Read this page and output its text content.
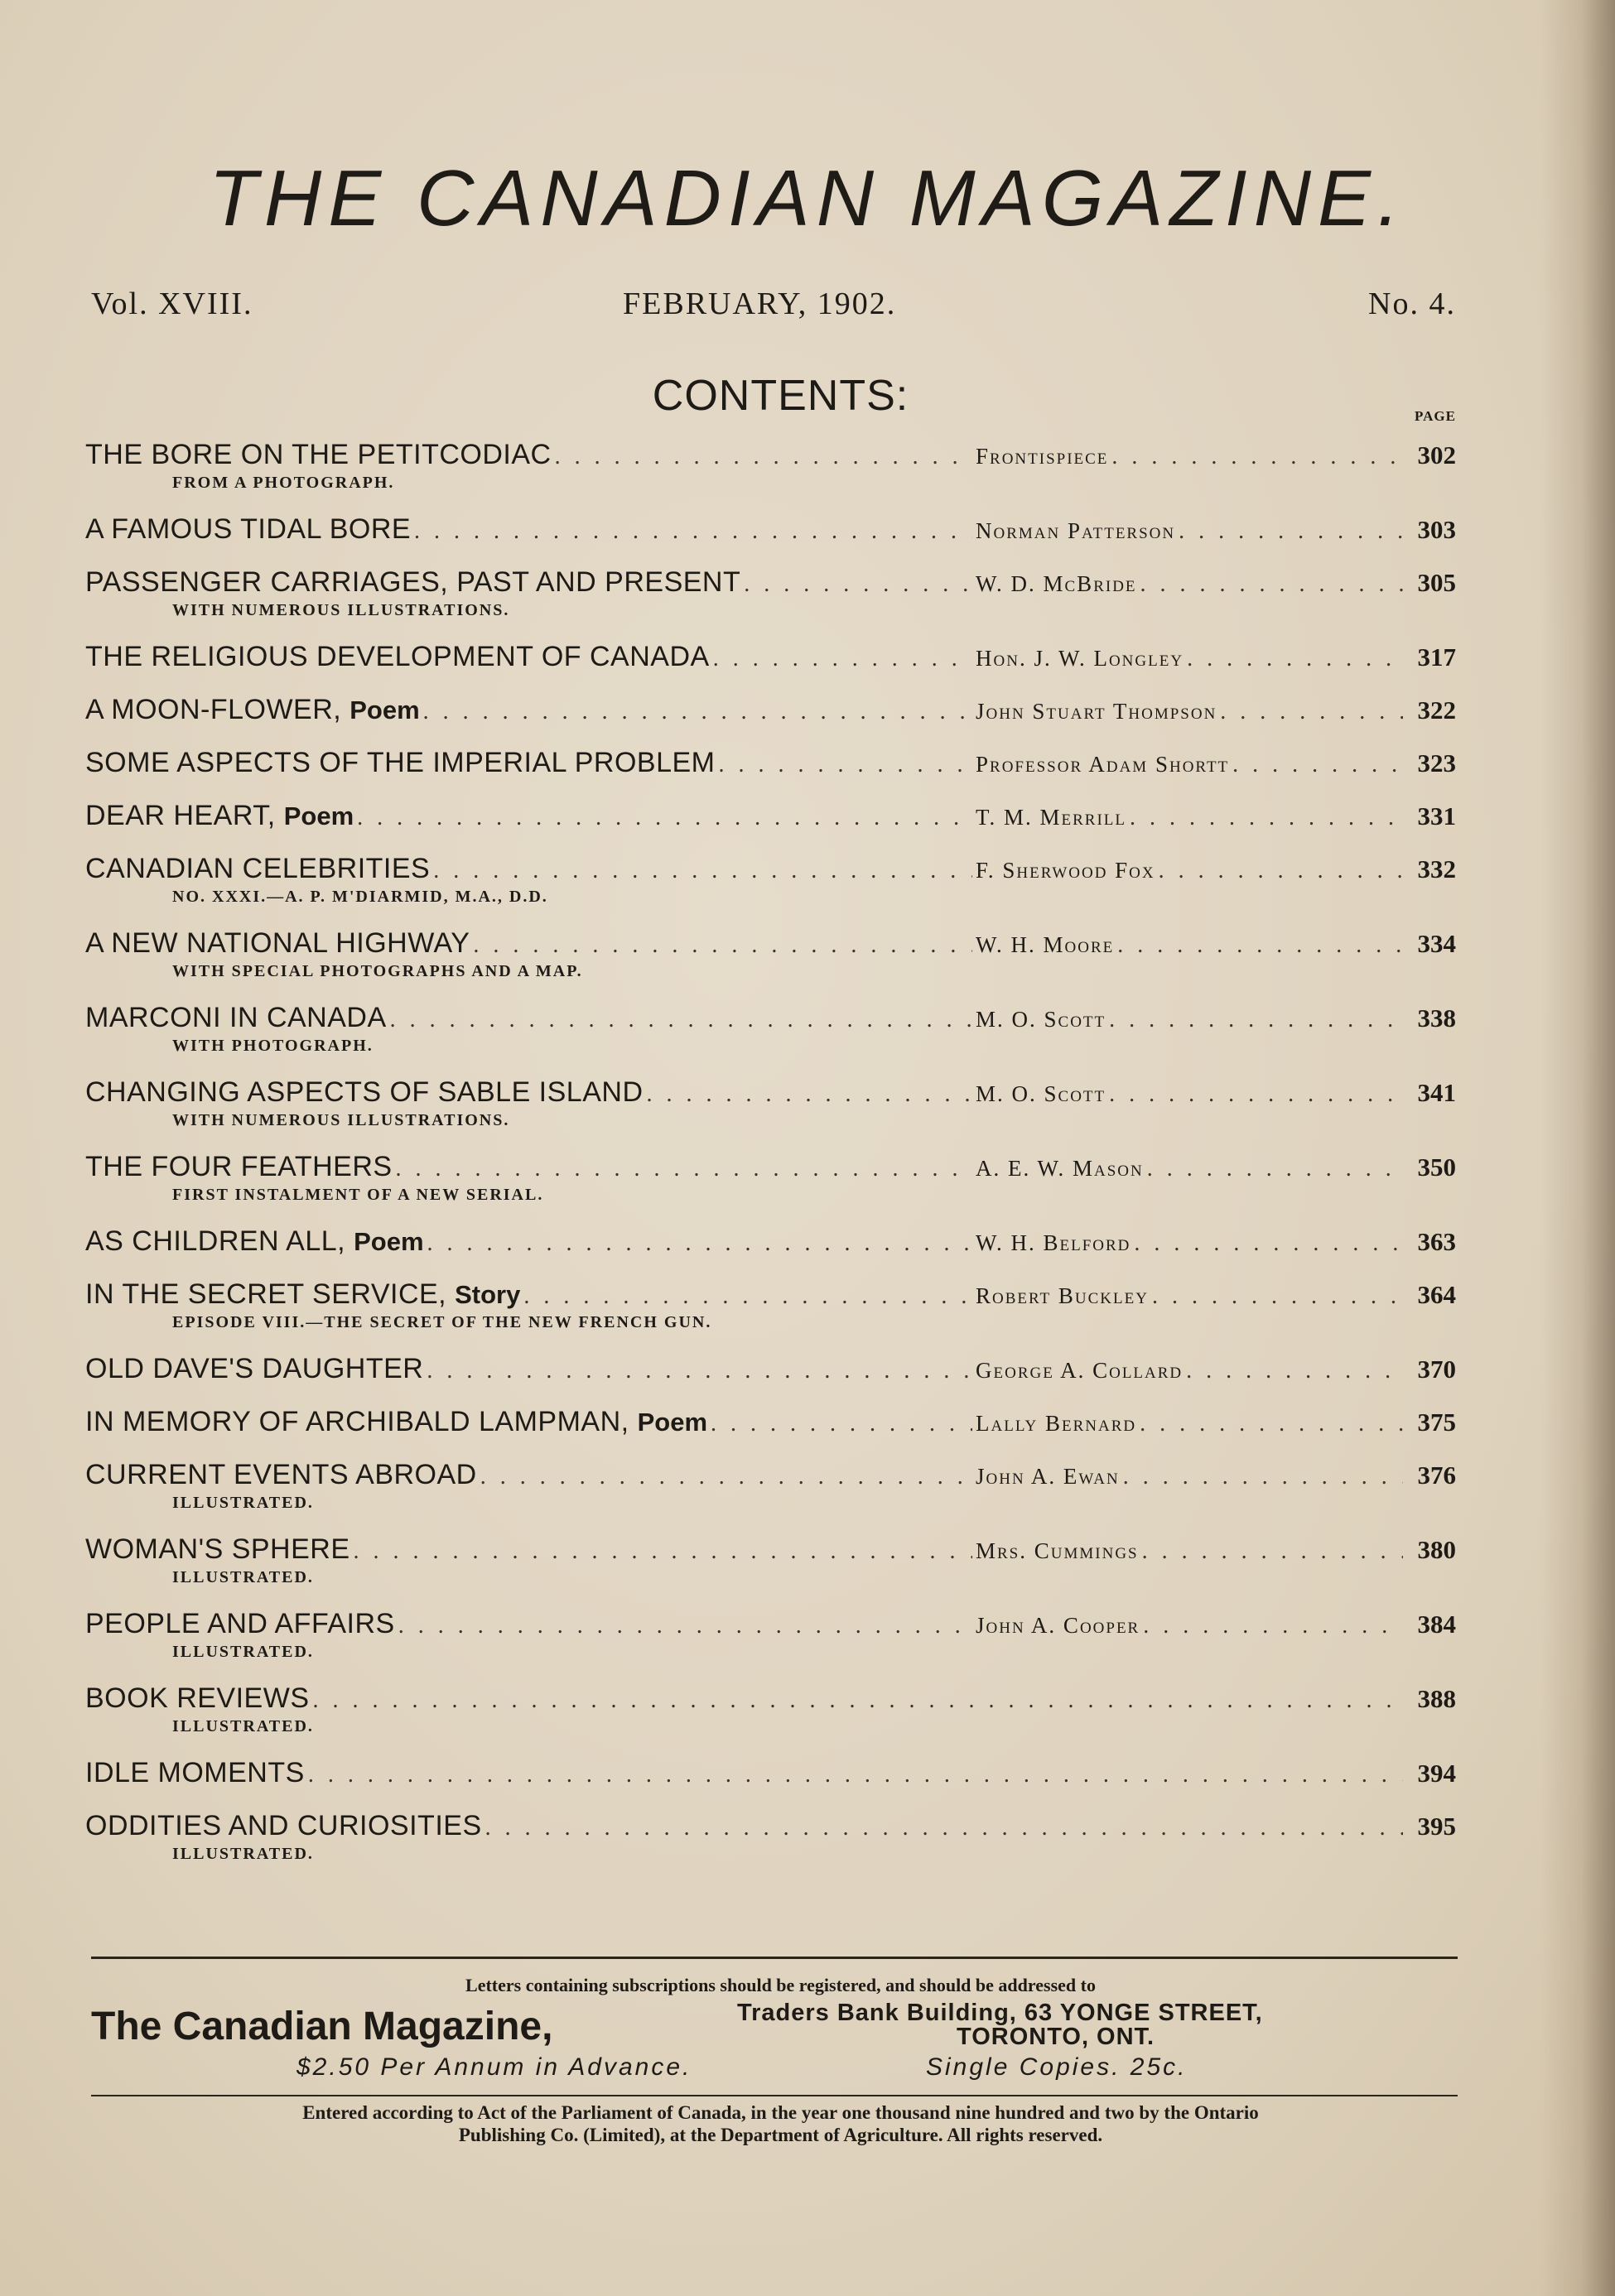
THE CANADIAN MAGAZINE.
Vol. XVIII.	FEBRUARY, 1902.	No. 4.
CONTENTS:	PAGE
THE BORE ON THE PETITCODIAC . . .	Frontispiece . . .	302
FROM A PHOTOGRAPH.
A FAMOUS TIDAL BORE . . .	Norman Patterson . . .	303
PASSENGER CARRIAGES, PAST AND PRESENT . . .	W. D. McBride . . .	305
WITH NUMEROUS ILLUSTRATIONS.
THE RELIGIOUS DEVELOPMENT OF CANADA . . .	Hon. J. W. Longley . . .	317
A MOON-FLOWER, Poem . . .	John Stuart Thompson . . .	322
SOME ASPECTS OF THE IMPERIAL PROBLEM . . .	Professor Adam Shortt . . .	323
DEAR HEART, Poem . . .	T. M. Merrill . . .	331
CANADIAN CELEBRITIES . . .	F. Sherwood Fox . . .	332
NO. XXXI.—A. P. M'DIARMID, M.A., D.D.
A NEW NATIONAL HIGHWAY . . .	W. H. Moore . . .	334
WITH SPECIAL PHOTOGRAPHS AND A MAP.
MARCONI IN CANADA . . .	M. O. Scott . . .	338
WITH PHOTOGRAPH.
CHANGING ASPECTS OF SABLE ISLAND . . .	M. O. Scott . . .	341
WITH NUMEROUS ILLUSTRATIONS.
THE FOUR FEATHERS . . .	A. E. W. Mason . . .	350
FIRST INSTALMENT OF A NEW SERIAL.
AS CHILDREN ALL, Poem . . .	W. H. Belford . . .	363
IN THE SECRET SERVICE, Story . . .	Robert Buckley . . .	364
EPISODE VIII.—THE SECRET OF THE NEW FRENCH GUN.
OLD DAVE'S DAUGHTER . . .	George A. Collard . . .	370
IN MEMORY OF ARCHIBALD LAMPMAN, Poem . . .	Lally Bernard . . .	375
CURRENT EVENTS ABROAD . . .	John A. Ewan . . .	376
ILLUSTRATED.
WOMAN'S SPHERE . . .	Mrs. Cummings . . .	380
ILLUSTRATED.
PEOPLE AND AFFAIRS . . .	John A. Cooper . . .	384
ILLUSTRATED.
BOOK REVIEWS . . .	388
ILLUSTRATED.
IDLE MOMENTS . . .	394
ODDITIES AND CURIOSITIES . . .	395
ILLUSTRATED.
Letters containing subscriptions should be registered, and should be addressed to
The Canadian Magazine,	Traders Bank Building, 63 YONGE STREET,
TORONTO, ONT.
$2.50 Per Annum in Advance.	Single Copies. 25c.
Entered according to Act of the Parliament of Canada, in the year one thousand nine hundred and two by the Ontario
Publishing Co. (Limited), at the Department of Agriculture. All rights reserved.
